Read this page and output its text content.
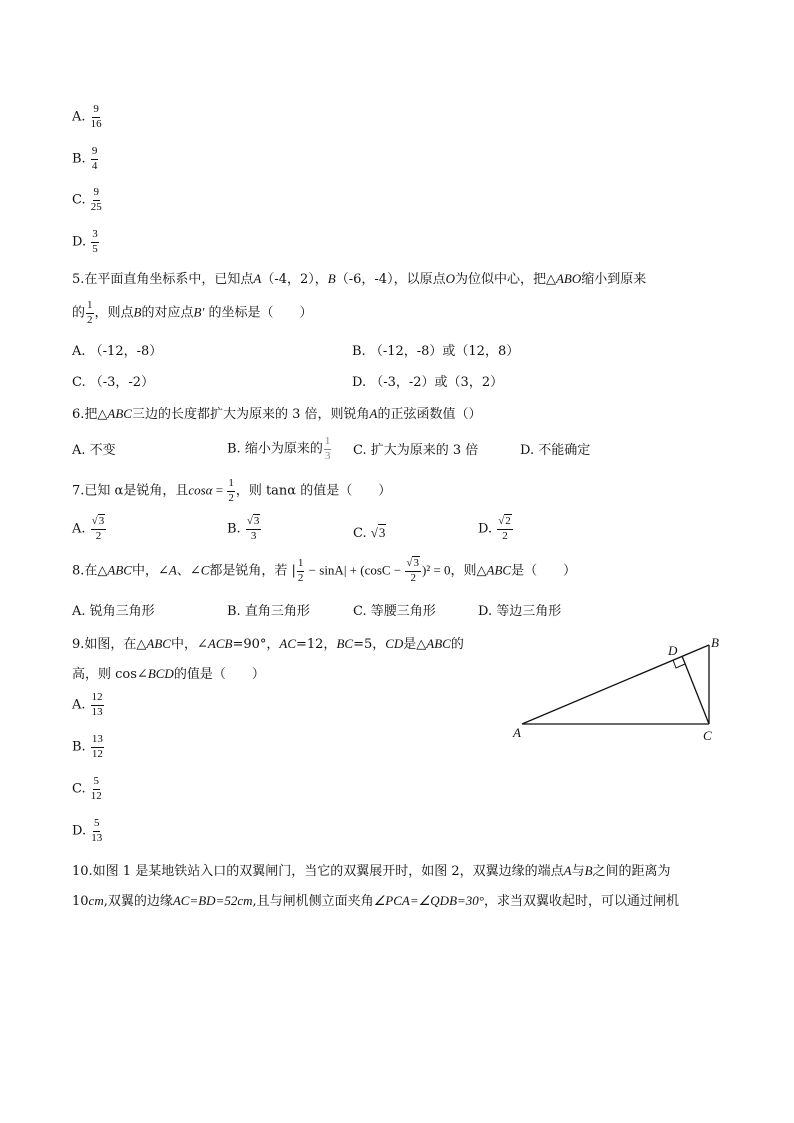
A. $\frac{9}{16}$
B. $\frac{9}{4}$
C. $\frac{9}{25}$
D. $\frac{3}{5}$
5.在平面直角坐标系中，已知点A（-4，2），B（-6，-4），以原点O为位似中心，把△ABO缩小到原来
的 $\frac{1}{2}$ ，则点B的对应点B′ 的坐标是（　　）
A. （-12，-8）	B. （-12，-8）或（12，8）
C. （-3，-2）	D. （-3，-2）或（3，2）
6.把△ABC三边的长度都扩大为原来的 3 倍，则锐角A的正弦函数值（）
A. 不变	B. 缩小为原来的 $\frac{1}{3} C$. 扩大为原来的 3 倍	D. 不能确定
7.已知 α是锐角，且$\cos\alpha = \frac{1}{2}$ ，则 tanα 的值是（　　）
A. $\frac{√3}{2}$	B. $\frac{√3}{3}$	C. √3	D. $\frac{√2}{2}$
8.在△ABC中，∠A、∠C都是锐角，若 | $\frac{1}{2} - \sin A| + (\cos C - \frac{√3}{2} )^2 = 0$，则△ABC是（　　）
A. 锐角三角形	B. 直角三角形	C. 等腰三角形	D. 等边三角形
9.如图，在△ABC中，∠ACB=90°，AC=12，BC=5，CD是△ABC的
高，则 cos∠BCD的值是（　　）
A. $\frac{12}{13}$
B. $\frac{13}{12}$
C. $\frac{5}{12}$
D. $\frac{5}{13}$
A
B
C
D
10.如图 1 是某地铁站入口的双翼闸门，当它的双翼展开时，如图 2，双翼边缘的端点A与B之间的距离为
10cm,双翼的边缘AC=BD=52cm,且与闸机侧立面夹角∠PCA=∠QDB=30°，求当双翼收起时，可以通过闸机
